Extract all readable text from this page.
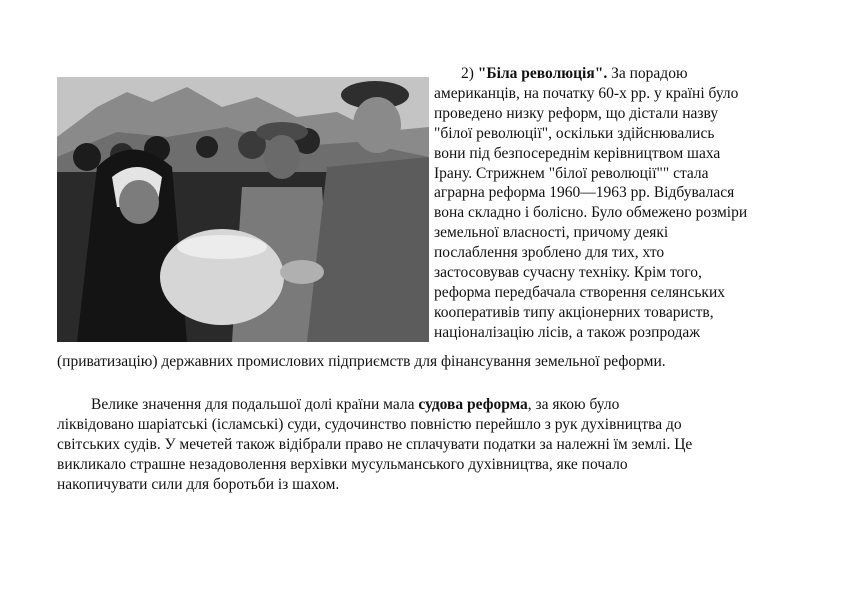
2) "Біла революція". За порадою
американців, на початку 60-х рр. у країні було
проведено низку реформ, що дістали назву
"білої революції", оскільки здійснювались
вони під безпосереднім керівництвом шаха
Ірану. Стрижнем "білої революції"" стала
аграрна реформа 1960—1963 рр. Відбувалася
вона складно і болісно. Було обмежено розміри
земельної власності, причому деякі
послаблення зроблено для тих, хто
застосовував сучасну техніку. Крім того,
реформа передбачала створення селянських
кооперативів типу акціонерних товариств,
націоналізацію лісів, а також розпродаж
(приватизацію) державних промислових підприємств для фінансування земельної реформи.
Велике значення для подальшої долі країни мала судова реформа, за якою було
ліквідовано шаріатські (ісламські) суди, судочинство повністю перейшло з рук духівництва до
світських судів. У мечетей також відібрали право не сплачувати податки за належні їм землі. Це
викликало страшне незадоволення верхівки мусульманського духівництва, яке почало
накопичувати сили для боротьби із шахом.
